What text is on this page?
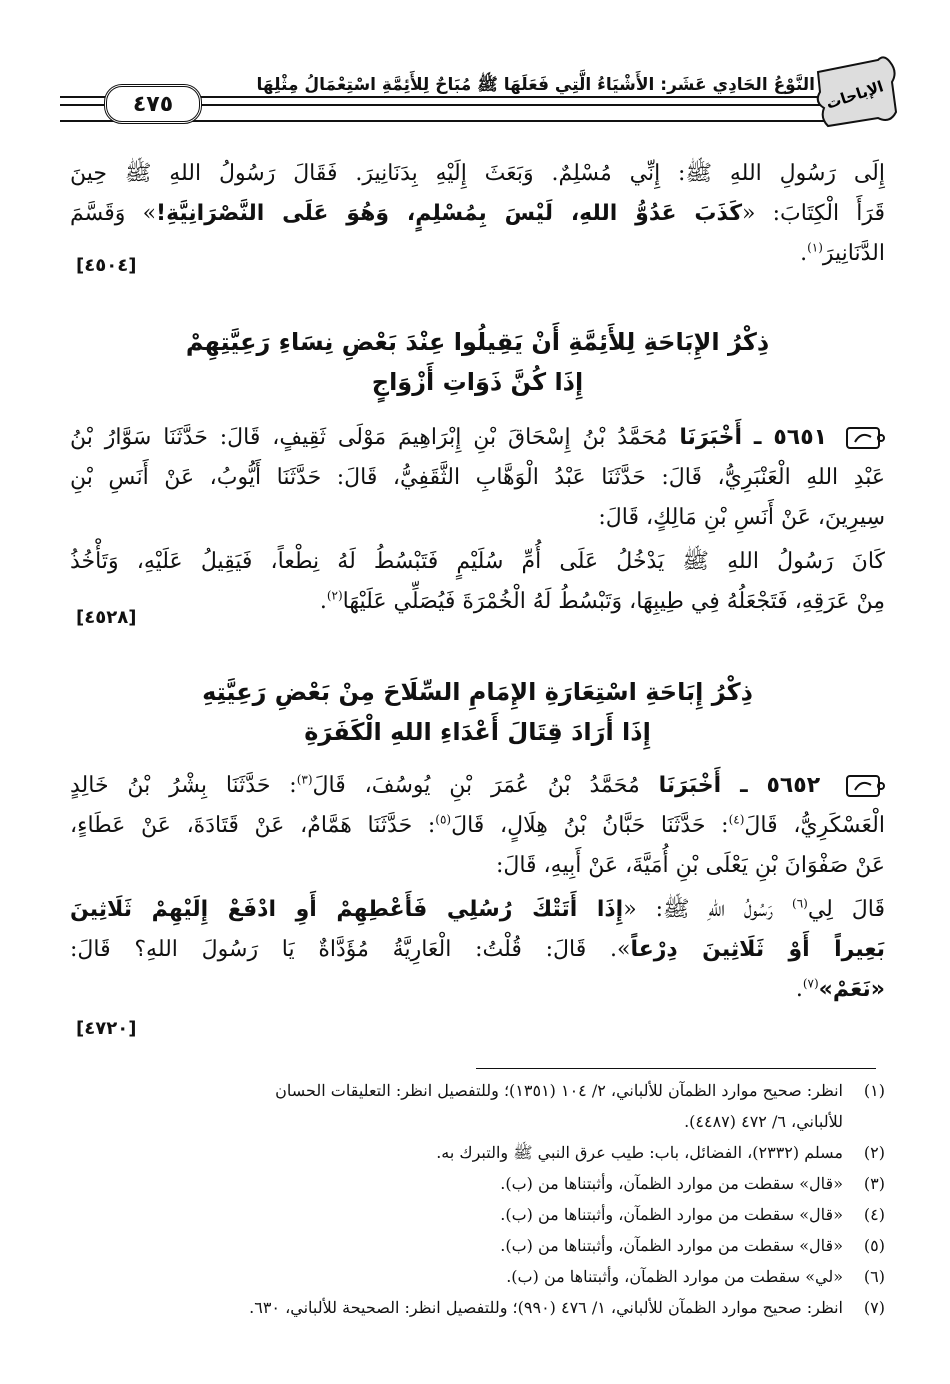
٤٧٥
النَّوْعُ الحَادِي عَشَر: الأَشْيَاءُ الَّتِي فَعَلَهَا ﷺ مُبَاحٌ لِلأَئِمَّةِ اسْتِعْمَالُ مِثْلِهَا الإباحات
إِلَى رَسُولِ اللهِ ﷺ: إِنِّي مُسْلِمٌ. وَبَعَثَ إِلَيْهِ بِدَنَانِيرَ. فَقَالَ رَسُولُ اللهِ ﷺ حِينَ
قَرَأَ الْكِتَابَ: «كَذَبَ عَدُوُّ اللهِ، لَيْسَ بِمُسْلِمٍ، وَهُوَ عَلَى النَّصْرَانِيَّةِ!» وَقَسَّمَ
الدَّنَانِيرَ$^{(١)}$.
[٤٥٠٤]
ذِكْرُ الإِبَاحَةِ لِلأَئِمَّةِ أَنْ يَقِيلُوا عِنْدَ بَعْضِ نِسَاءِ رَعِيَّتِهِمْ
إِذَا كُنَّ ذَوَاتِ أَزْوَاجٍ
٥٦٥١ ـ أَخْبَرَنَا مُحَمَّدُ بْنُ إِسْحَاقَ بْنِ إِبْرَاهِيمَ مَوْلَى ثَقِيفٍ، قَالَ: حَدَّثَنَا سَوَّارُ بْنُ
عَبْدِ اللهِ الْعَنْبَرِيُّ، قَالَ: حَدَّثَنَا عَبْدُ الْوَهَّابِ الثَّقَفِيُّ، قَالَ: حَدَّثَنَا أَيُّوبُ، عَنْ أَنَسِ بْنِ
سِيرِينَ، عَنْ أَنَسِ بْنِ مَالِكٍ، قَالَ:
كَانَ رَسُولُ اللهِ ﷺ يَدْخُلُ عَلَى أُمِّ سُلَيْمٍ فَتَبْسُطُ لَهُ نِطْعاً، فَيَقِيلُ عَلَيْهِ، وَتَأْخُذُ
مِنْ عَرَقِهِ، فَتَجْعَلُهُ فِي طِيبِهَا، وَتَبْسُطُ لَهُ الْخُمْرَةَ فَيُصَلِّي عَلَيْهَا$^{(٢)}$.
[٤٥٢٨]
ذِكْرُ إِبَاحَةِ اسْتِعَارَةِ الإِمَامِ السِّلَاحَ مِنْ بَعْضِ رَعِيَّتِهِ
إِذَا أَرَادَ قِتَالَ أَعْدَاءِ اللهِ الْكَفَرَةِ
٥٦٥٢ ـ أَخْبَرَنَا مُحَمَّدُ بْنُ عُمَرَ بْنِ يُوسُفَ، قَالَ$^{(٣)}$: حَدَّثَنَا بِشْرُ بْنُ خَالِدٍ
الْعَسْكَرِيُّ، قَالَ$^{(٤)}$: حَدَّثَنَا حَبَّانُ بْنُ هِلَالٍ، قَالَ$^{(٥)}$: حَدَّثَنَا هَمَّامٌ، عَنْ قَتَادَةَ، عَنْ عَطَاءٍ،
عَنْ صَفْوَانَ بْنِ يَعْلَى بْنِ أُمَيَّةَ، عَنْ أَبِيهِ، قَالَ:
قَالَ لِي$^{(٦)}$ رَسُولُ اللهِ ﷺ: «إِذَا أَتَتْكَ رُسُلِي فَأَعْطِهِمْ أَوِ ادْفَعْ إِلَيْهِمْ ثَلَاثِينَ
بَعِيراً أَوْ ثَلَاثِينَ دِرْعاً». قَالَ: قُلْتُ: الْعَارِيَّةُ مُؤَدَّاةٌ يَا رَسُولَ اللهِ؟ قَالَ:
«نَعَمْ»$^{(٧)}$.
[٤٧٢٠]
(١)انظر: صحيح موارد الظمآن للألباني، ٢/ ١٠٤ (١٣٥١)؛ وللتفصيل انظر: التعليقات الحسان
للألباني، ٦/ ٤٧٢ (٤٤٨٧).
(٢)مسلم (٢٣٣٢)، الفضائل، باب: طيب عرق النبي ﷺ والتبرك به.
(٣)«قال» سقطت من موارد الظمآن، وأثبتناها من (ب).
(٤)«قال» سقطت من موارد الظمآن، وأثبتناها من (ب).
(٥)«قال» سقطت من موارد الظمآن، وأثبتناها من (ب).
(٦)«لي» سقطت من موارد الظمآن، وأثبتناها من (ب).
(٧)انظر: صحيح موارد الظمآن للألباني، ١/ ٤٧٦ (٩٩٠)؛ وللتفصيل انظر: الصحيحة للألباني، ٦٣٠.
